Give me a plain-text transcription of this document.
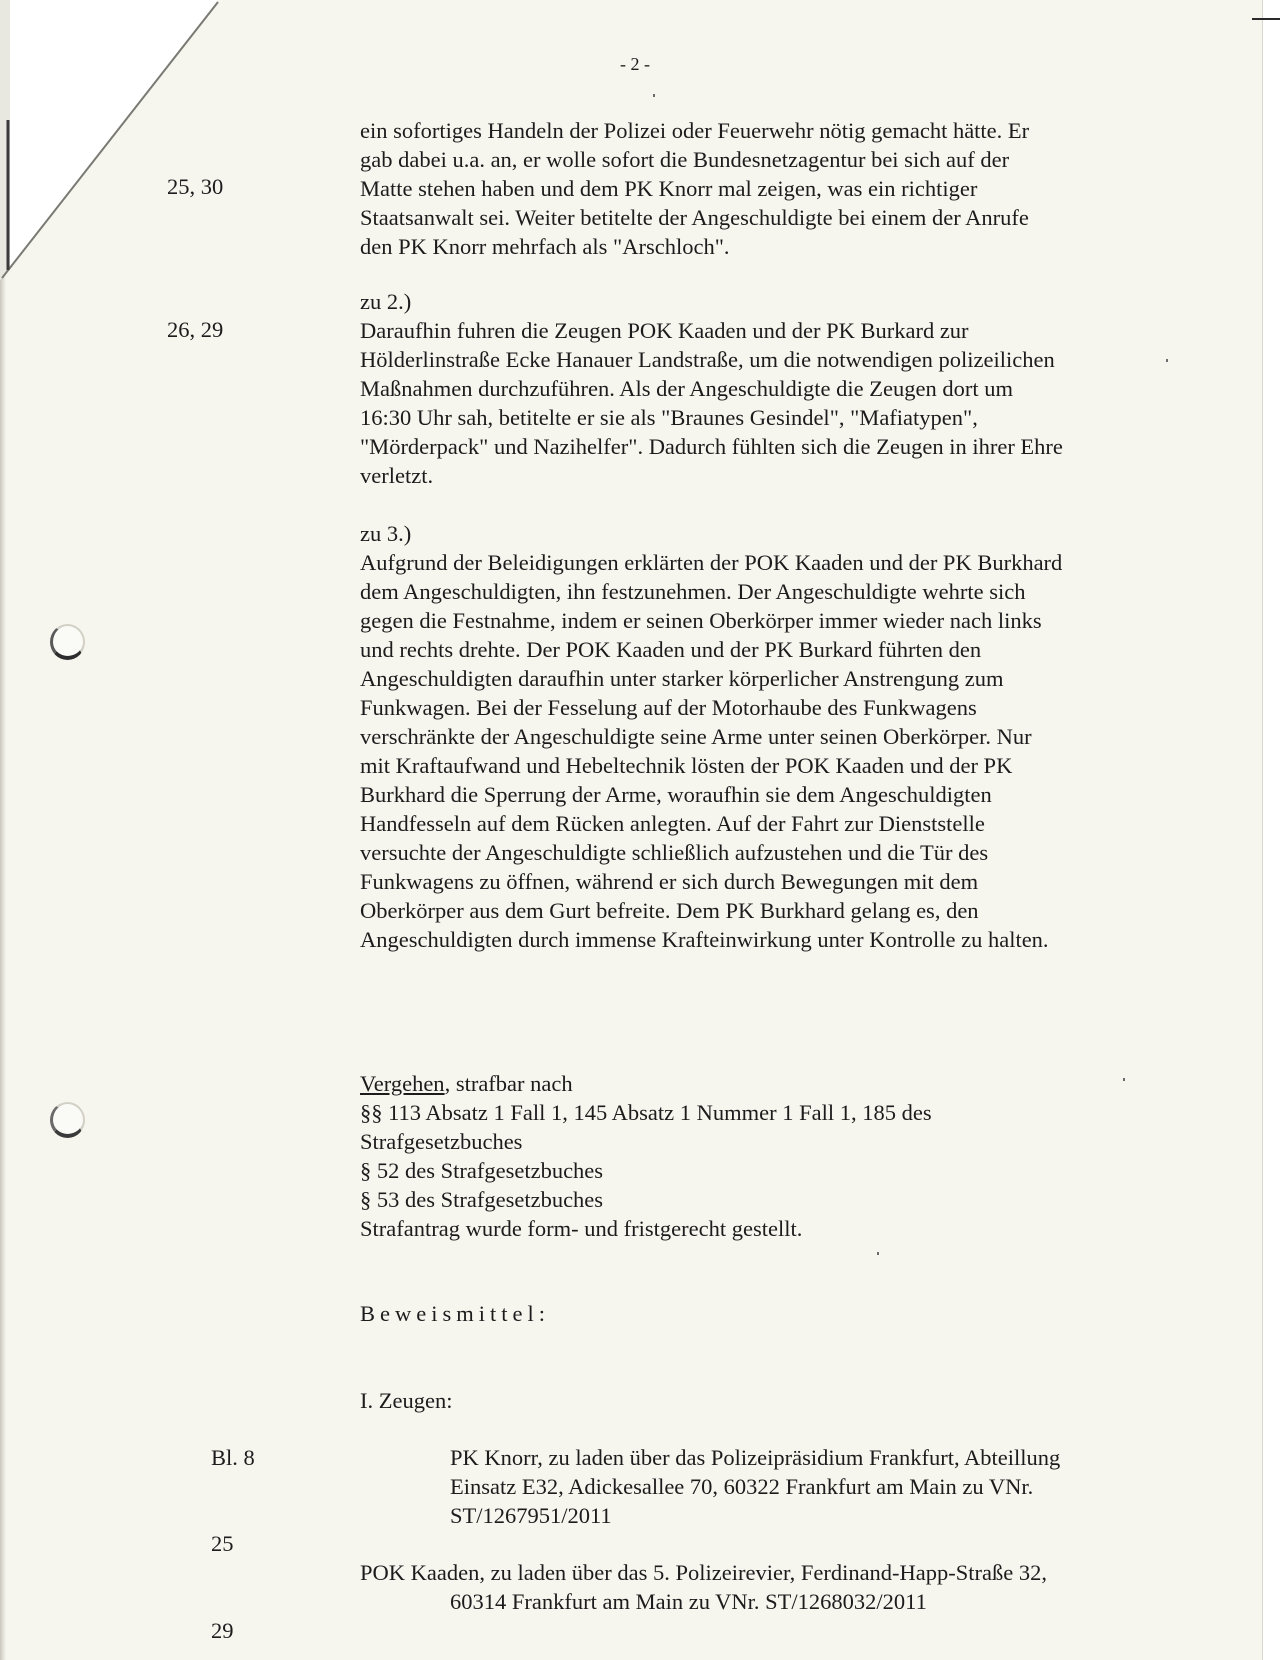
- 2 -
25, 30
26, 29
Bl. 8
25
29

ein sofortiges Handeln der Polizei oder Feuerwehr nötig gemacht hätte. Er

gab dabei u.a. an, er wolle sofort die Bundesnetzagentur bei sich auf der

Matte stehen haben und dem PK Knorr mal zeigen, was ein richtiger

Staatsanwalt sei. Weiter betitelte der Angeschuldigte bei einem der Anrufe

den PK Knorr mehrfach als "Arschloch".

zu 2.)

Daraufhin fuhren die Zeugen POK Kaaden und der PK Burkard zur

Hölderlinstraße Ecke Hanauer Landstraße, um die notwendigen polizeilichen

Maßnahmen durchzuführen. Als der Angeschuldigte die Zeugen dort um

16:30 Uhr sah, betitelte er sie als "Braunes Gesindel", "Mafiatypen",

"Mörderpack" und Nazihelfer". Dadurch fühlten sich die Zeugen in ihrer Ehre

verletzt.

zu 3.)

Aufgrund der Beleidigungen erklärten der POK Kaaden und der PK Burkhard

dem Angeschuldigten, ihn festzunehmen. Der Angeschuldigte wehrte sich

gegen die Festnahme, indem er seinen Oberkörper immer wieder nach links

und rechts drehte. Der POK Kaaden und der PK Burkard führten den

Angeschuldigten daraufhin unter starker körperlicher Anstrengung zum

Funkwagen. Bei der Fesselung auf der Motorhaube des Funkwagens

verschränkte der Angeschuldigte seine Arme unter seinen Oberkörper. Nur

mit Kraftaufwand und Hebeltechnik lösten der POK Kaaden und der PK

Burkhard die Sperrung der Arme, woraufhin sie dem Angeschuldigten

Handfesseln auf dem Rücken anlegten. Auf der Fahrt zur Dienststelle

versuchte der Angeschuldigte schließlich aufzustehen und die Tür des

Funkwagens zu öffnen, während er sich durch Bewegungen mit dem

Oberkörper aus dem Gurt befreite. Dem PK Burkhard gelang es, den

Angeschuldigten durch immense Krafteinwirkung unter Kontrolle zu halten.

Vergehen, strafbar nach

§§ 113 Absatz 1 Fall 1, 145 Absatz 1 Nummer 1 Fall 1, 185 des

Strafgesetzbuches

§ 52 des Strafgesetzbuches

§ 53 des Strafgesetzbuches

Strafantrag wurde form- und fristgerecht gestellt.

Beweismittel:
I. Zeugen:
PK Knorr, zu laden über das Polizeipräsidium Frankfurt, Abteillung
Einsatz E32, Adickesallee 70, 60322 Frankfurt am Main zu VNr.
ST/1267951/2011
POK Kaaden, zu laden über das 5. Polizeirevier, Ferdinand-Happ-Straße 32,
60314 Frankfurt am Main zu VNr. ST/1268032/2011
